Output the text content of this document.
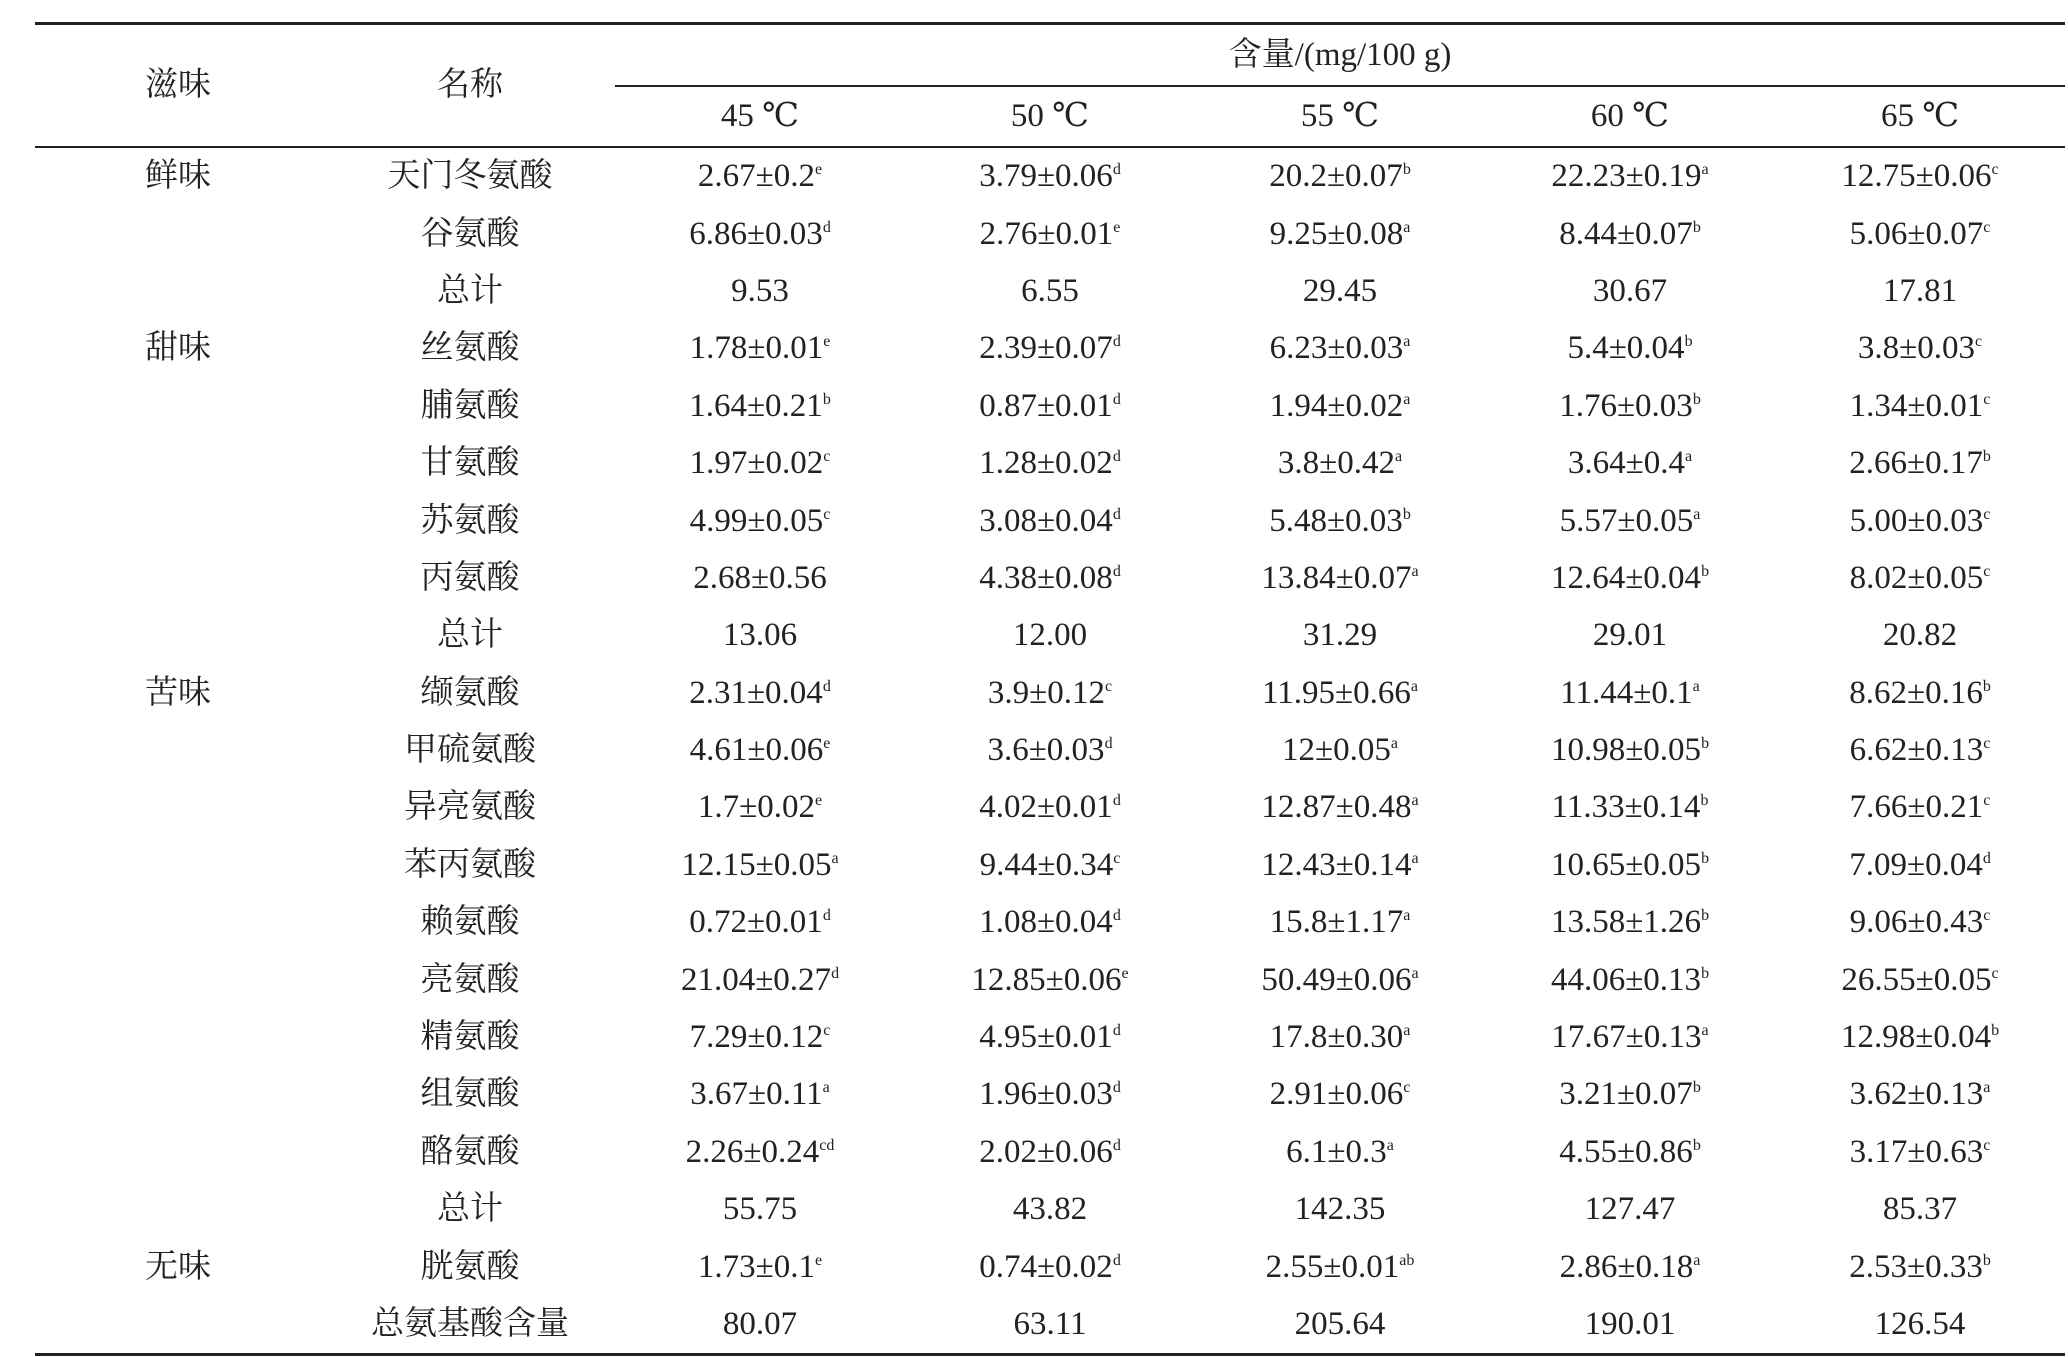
滋味	名称	含量/(mg/100 g)				
		45 ℃	50 ℃	55 ℃	60 ℃	65 ℃
鲜味	天门冬氨酸	2.67±0.2$^e$	3.79±0.06$^d$	20.2±0.07$^b$	22.23±0.19$^a$	12.75±0.06$^c$
	谷氨酸	6.86±0.03$^d$	2.76±0.01$^e$	9.25±0.08$^a$	8.44±0.07$^b$	5.06±0.07$^c$
	总计	9.53	6.55	29.45	30.67	17.81
甜味	丝氨酸	1.78±0.01$^e$	2.39±0.07$^d$	6.23±0.03$^a$	5.4±0.04$^b$	3.8±0.03$^c$
	脯氨酸	1.64±0.21$^b$	0.87±0.01$^d$	1.94±0.02$^a$	1.76±0.03$^b$	1.34±0.01$^c$
	甘氨酸	1.97±0.02$^c$	1.28±0.02$^d$	3.8±0.42$^a$	3.64±0.4$^a$	2.66±0.17$^b$
	苏氨酸	4.99±0.05$^c$	3.08±0.04$^d$	5.48±0.03$^b$	5.57±0.05$^a$	5.00±0.03$^c$
	丙氨酸	2.68±0.56	4.38±0.08$^d$	13.84±0.07$^a$	12.64±0.04$^b$	8.02±0.05$^c$
	总计	13.06	12.00	31.29	29.01	20.82
苦味	缬氨酸	2.31±0.04$^d$	3.9±0.12$^c$	11.95±0.66$^a$	11.44±0.1$^a$	8.62±0.16$^b$
	甲硫氨酸	4.61±0.06$^e$	3.6±0.03$^d$	12±0.05$^a$	10.98±0.05$^b$	6.62±0.13$^c$
	异亮氨酸	1.7±0.02$^e$	4.02±0.01$^d$	12.87±0.48$^a$	11.33±0.14$^b$	7.66±0.21$^c$
	苯丙氨酸	12.15±0.05$^a$	9.44±0.34$^c$	12.43±0.14$^a$	10.65±0.05$^b$	7.09±0.04$^d$
	赖氨酸	0.72±0.01$^d$	1.08±0.04$^d$	15.8±1.17$^a$	13.58±1.26$^b$	9.06±0.43$^c$
	亮氨酸	21.04±0.27$^d$	12.85±0.06$^e$	50.49±0.06$^a$	44.06±0.13$^b$	26.55±0.05$^c$
	精氨酸	7.29±0.12$^c$	4.95±0.01$^d$	17.8±0.30$^a$	17.67±0.13$^a$	12.98±0.04$^b$
	组氨酸	3.67±0.11$^a$	1.96±0.03$^d$	2.91±0.06$^c$	3.21±0.07$^b$	3.62±0.13$^a$
	酪氨酸	2.26±0.24$^{cd}$	2.02±0.06$^d$	6.1±0.3$^a$	4.55±0.86$^b$	3.17±0.63$^c$
	总计	55.75	43.82	142.35	127.47	85.37
无味	胱氨酸	1.73±0.1$^e$	0.74±0.02$^d$	2.55±0.01$^{ab}$	2.86±0.18$^a$	2.53±0.33$^b$
	总氨基酸含量	80.07	63.11	205.64	190.01	126.54
